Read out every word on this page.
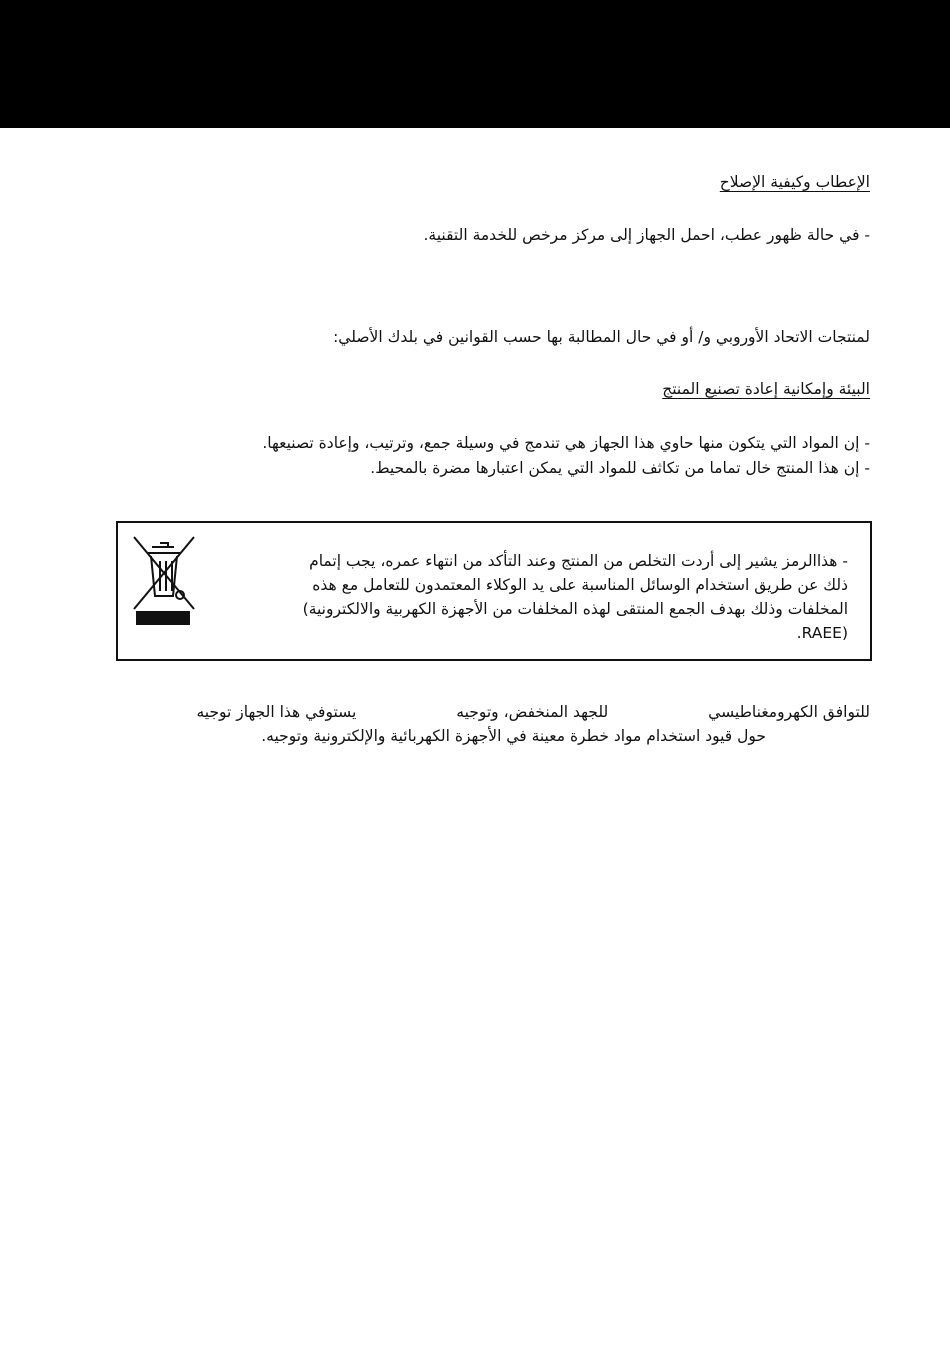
الإعطاب وكيفية الإصلاح
- في حالة ظهور عطب، احمل الجهاز إلى مركز مرخص للخدمة التقنية.
لمنتجات الاتحاد الأوروبي و/ أو في حال المطالبة بها حسب القوانين في بلدك الأصلي:
البيئة وإمكانية إعادة تصنيع المنتج
- إن المواد التي يتكون منها حاوي هذا الجهاز هي تندمج في وسيلة جمع، وترتيب، وإعادة تصنيعها.
- إن هذا المنتج خال تماما من تكاثف للمواد التي يمكن اعتبارها مضرة بالمحيط.
- هذاالرمز يشير إلى أردت التخلص من المنتج وعند التأكد من انتهاء عمره، يجب إتمام
ذلك عن طريق استخدام الوسائل المناسبة على يد الوكلاء المعتمدون للتعامل مع هذه
المخلفات وذلك بهدف الجمع المنتقى لهذه المخلفات من الأجهزة الكهربية والالكترونية)
(RAEE.
للتوافق الكهرومغناطيسيللجهد المنخفض، وتوجيهيستوفي هذا الجهاز توجيه
حول قيود استخدام مواد خطرة معينة في الأجهزة الكهربائية والإلكترونية وتوجيه.
